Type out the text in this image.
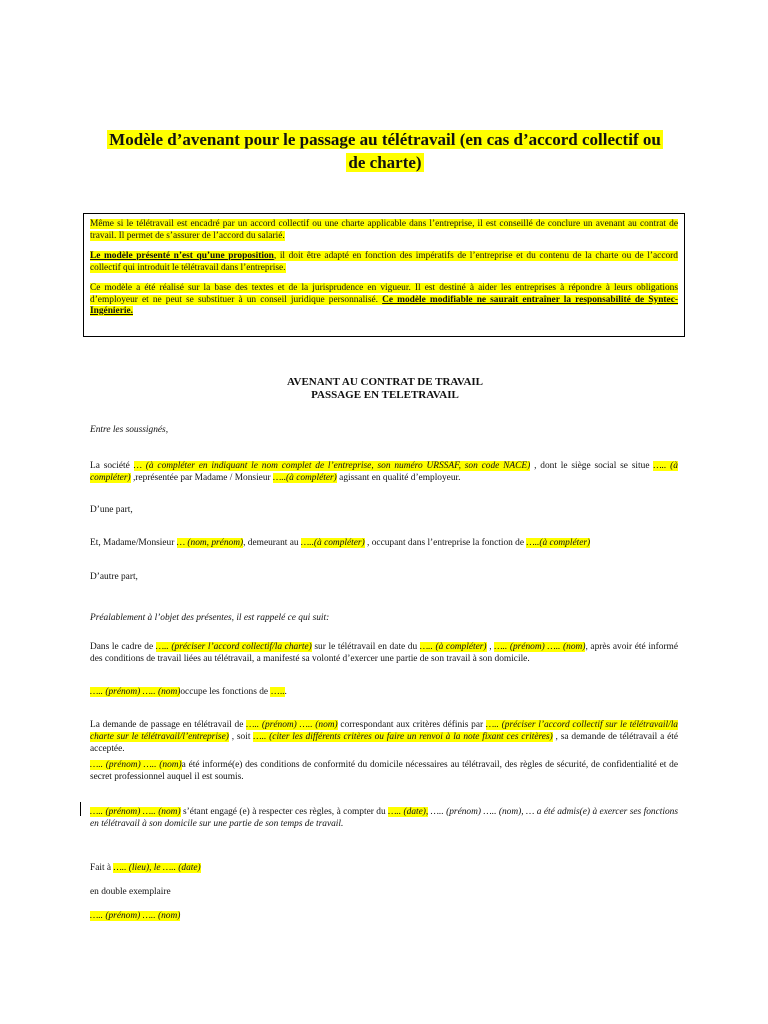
Modèle d’avenant pour le passage au télétravail (en cas d’accord collectif ou
de charte)

Même si le télétravail est encadré par un accord collectif ou une charte applicable dans l’entreprise, il est conseillé de conclure un avenant au contrat de travail. Il permet de s’assurer de l’accord du salarié.

Le modèle présenté n’est qu’une proposition, il doit être adapté en fonction des impératifs de l’entreprise et du contenu de la charte ou de l’accord collectif qui introduit le télétravail dans l’entreprise.

Ce modèle a été réalisé sur la base des textes et de la jurisprudence en vigueur. Il est destiné à aider les entreprises à répondre à leurs obligations d’employeur et ne peut se substituer à un conseil juridique personnalisé. Ce modèle modifiable ne saurait entraîner la responsabilité de Syntec-Ingénierie.

AVENANT AU CONTRAT DE TRAVAIL
PASSAGE EN TELETRAVAIL
Entre les soussignés,
La société … (à compléter en indiquant le nom complet de l’entreprise, son numéro URSSAF, son code NACE) , dont le siège social se situe ….. (à compléter) ,représentée par Madame / Monsieur …..(à compléter) agissant en qualité d’employeur.
D’une part,
Et, Madame/Monsieur … (nom, prénom), demeurant au …..(à compléter) , occupant dans l’entreprise la fonction de …..(à compléter)
D’autre part,
Préalablement à l’objet des présentes, il est rappelé ce qui suit:
Dans le cadre de ….. (préciser l’accord collectif/la charte) sur le télétravail en date du ….. (à compléter) , ….. (prénom) ….. (nom), après avoir été informé des conditions de travail liées au télétravail, a manifesté sa volonté d’exercer une partie de son travail à son domicile.
….. (prénom) ….. (nom)occupe les fonctions de …...
La demande de passage en télétravail de ….. (prénom) ….. (nom) correspondant aux critères définis par ….. (préciser l’accord collectif sur le télétravail/la charte sur le télétravail/l’entreprise) , soit ….. (citer les différents critères ou faire un renvoi à la note fixant ces critères) , sa demande de télétravail a été acceptée.
….. (prénom) ….. (nom)a été informé(e) des conditions de conformité du domicile nécessaires au télétravail, des règles de sécurité, de confidentialité et de secret professionnel auquel il est soumis.
….. (prénom) ….. (nom) s’étant engagé (e) à respecter ces règles, à compter du ….. (date), ….. (prénom) ….. (nom), … a été admis(e) à exercer ses fonctions en télétravail à son domicile sur une partie de son temps de travail.
Fait à ….. (lieu), le ….. (date)
en double exemplaire
….. (prénom) ….. (nom)
